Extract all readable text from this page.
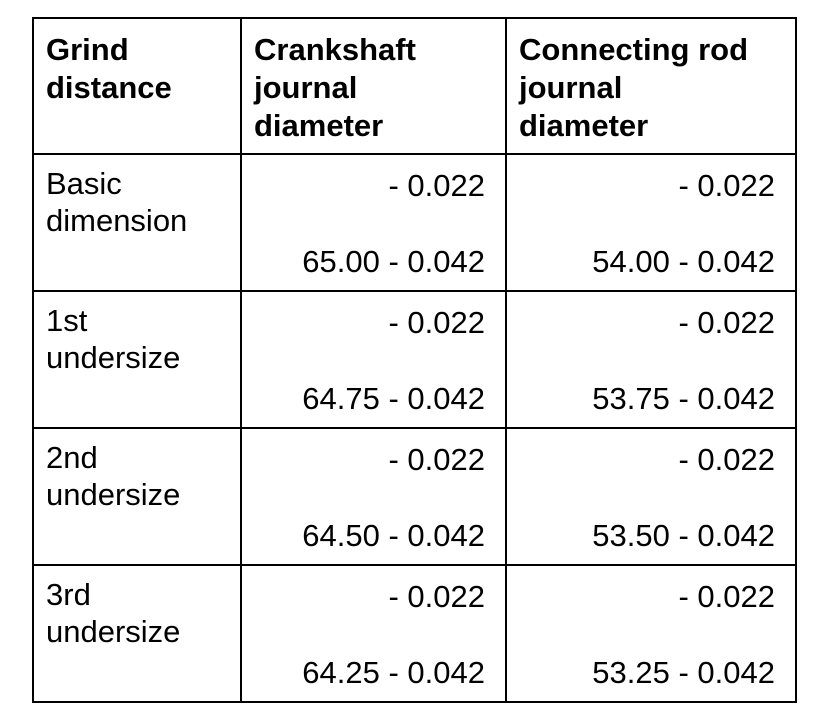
Grind
distance	Crankshaft
journal
diameter	Connecting rod
journal
diameter

Basic
dimension	- 0.022
65.00 - 0.042	- 0.022
54.00 - 0.042

1st
undersize	- 0.022
64.75 - 0.042	- 0.022
53.75 - 0.042

2nd
undersize	- 0.022
64.50 - 0.042	- 0.022
53.50 - 0.042

3rd
undersize	- 0.022
64.25 - 0.042	- 0.022
53.25 - 0.042
